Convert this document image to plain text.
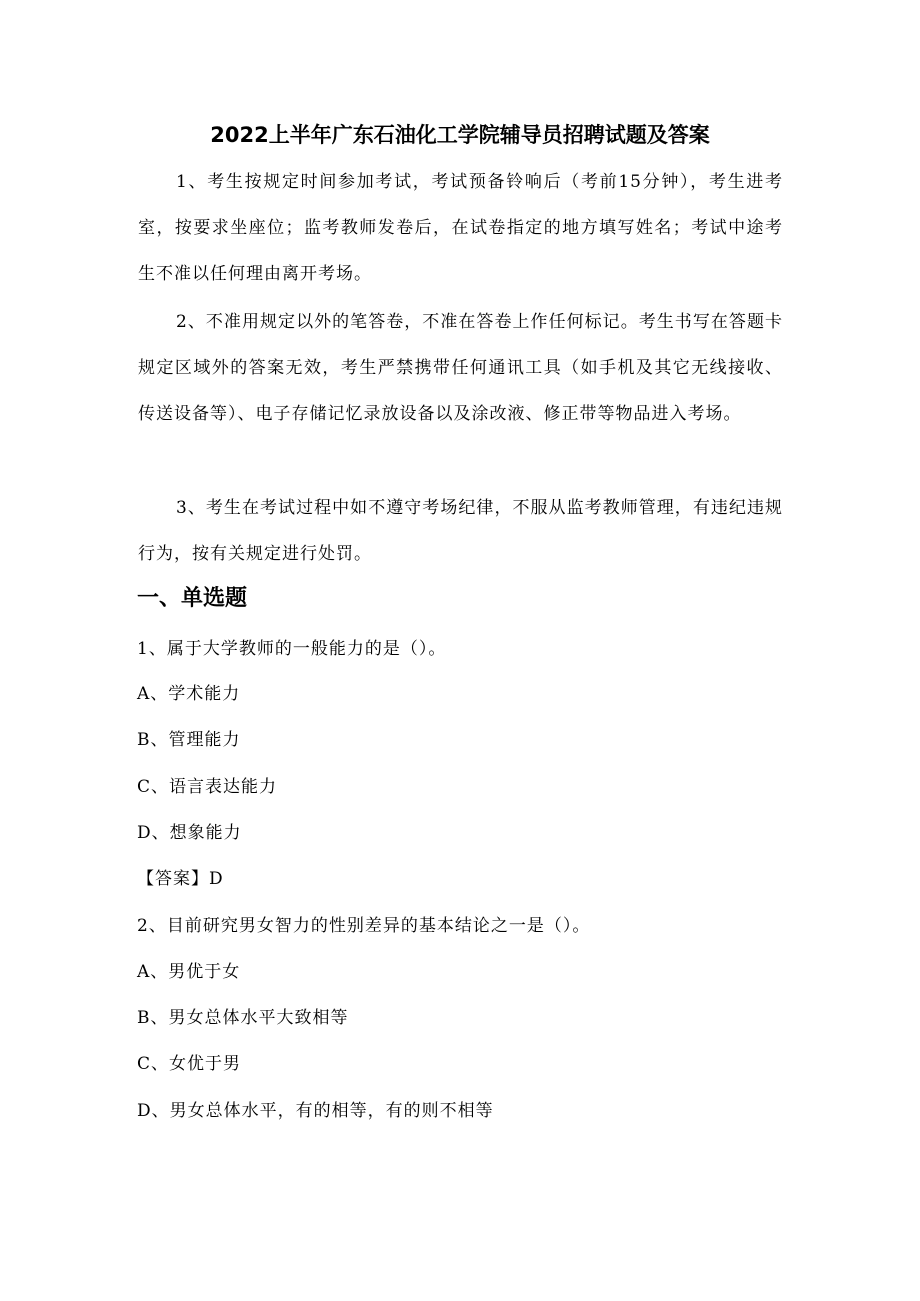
2022上半年广东石油化工学院辅导员招聘试题及答案
1、考生按规定时间参加考试，考试预备铃响后（考前15分钟），考生进考室，按要求坐座位；监考教师发卷后，在试卷指定的地方填写姓名；考试中途考生不准以任何理由离开考场。
2、不准用规定以外的笔答卷，不准在答卷上作任何标记。考生书写在答题卡规定区域外的答案无效，考生严禁携带任何通讯工具（如手机及其它无线接收、传送设备等）、电子存储记忆录放设备以及涂改液、修正带等物品进入考场。
3、考生在考试过程中如不遵守考场纪律，不服从监考教师管理，有违纪违规行为，按有关规定进行处罚。
一、单选题
1、属于大学教师的一般能力的是（）。
A、学术能力
B、管理能力
C、语言表达能力
D、想象能力
【答案】D
2、目前研究男女智力的性别差异的基本结论之一是（）。
A、男优于女
B、男女总体水平大致相等
C、女优于男
D、男女总体水平，有的相等，有的则不相等
